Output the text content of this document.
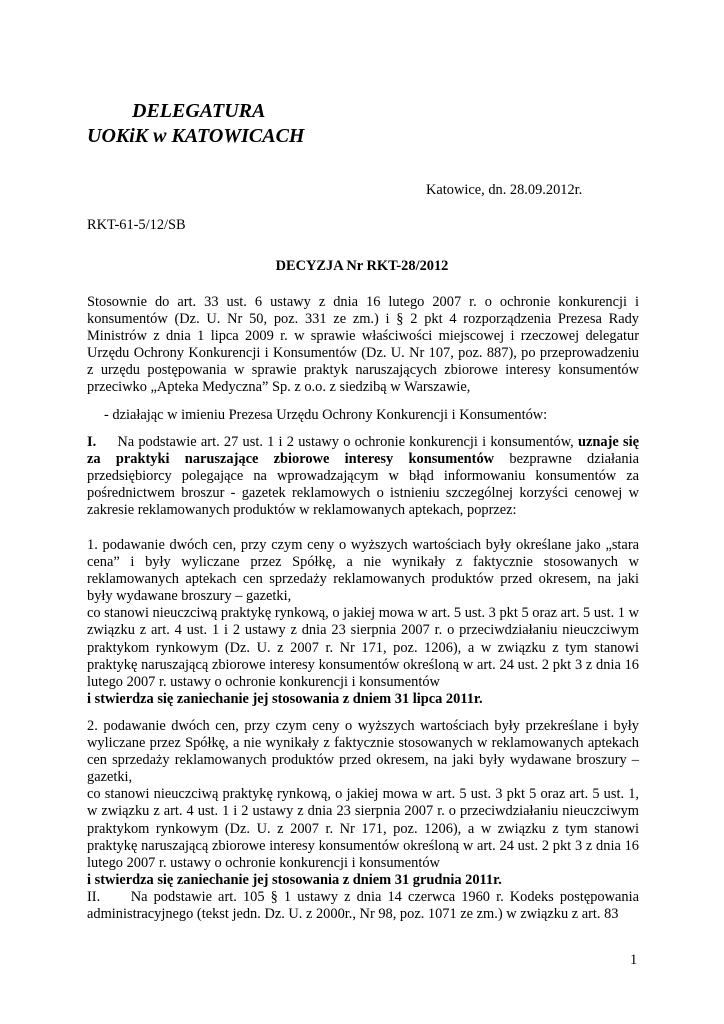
DELEGATURA
UOKiK w KATOWICACH
Katowice, dn. 28.09.2012r.
RKT-61-5/12/SB
DECYZJA Nr RKT-28/2012

Stosownie do art. 33 ust. 6 ustawy z dnia 16 lutego 2007 r. o ochronie konkurencji i konsumentów (Dz. U. Nr 50, poz. 331 ze zm.) i § 2 pkt 4 rozporządzenia Prezesa Rady Ministrów z dnia 1 lipca 2009 r. w sprawie właściwości miejscowej i rzeczowej delegatur Urzędu Ochrony Konkurencji i Konsumentów (Dz. U. Nr 107, poz. 887), po przeprowadzeniu z urzędu postępowania w sprawie praktyk naruszających zbiorowe interesy konsumentów przeciwko „Apteka Medyczna” Sp. z o.o. z siedzibą w Warszawie,

- działając w imieniu Prezesa Urzędu Ochrony Konkurencji i Konsumentów:

I. Na podstawie art. 27 ust. 1 i 2 ustawy o ochronie konkurencji i konsumentów, uznaje się za praktyki naruszające zbiorowe interesy konsumentów bezprawne działania przedsiębiorcy polegające na wprowadzającym w błąd informowaniu konsumentów za pośrednictwem broszur - gazetek reklamowych o istnieniu szczególnej korzyści cenowej w zakresie reklamowanych produktów w reklamowanych aptekach, poprzez:

1. podawanie dwóch cen, przy czym ceny o wyższych wartościach były określane jako „stara cena” i były wyliczane przez Spółkę, a nie wynikały z faktycznie stosowanych w reklamowanych aptekach cen sprzedaży reklamowanych produktów przed okresem, na jaki były wydawane broszury – gazetki,
co stanowi nieuczciwą praktykę rynkową, o jakiej mowa w art. 5 ust. 3 pkt 5 oraz art. 5 ust. 1 w związku z art. 4 ust. 1 i 2 ustawy z dnia 23 sierpnia 2007 r. o przeciwdziałaniu nieuczciwym praktykom rynkowym (Dz. U. z 2007 r. Nr 171, poz. 1206), a w związku z tym stanowi praktykę naruszającą zbiorowe interesy konsumentów określoną w art. 24 ust. 2 pkt 3 z dnia 16 lutego 2007 r. ustawy o ochronie konkurencji i konsumentów
i stwierdza się zaniechanie jej stosowania z dniem 31 lipca 2011r.
2. podawanie dwóch cen, przy czym ceny o wyższych wartościach były przekreślane i były wyliczane przez Spółkę, a nie wynikały z faktycznie stosowanych w reklamowanych aptekach cen sprzedaży reklamowanych produktów przed okresem, na jaki były wydawane broszury – gazetki,
co stanowi nieuczciwą praktykę rynkową, o jakiej mowa w art. 5 ust. 3 pkt 5 oraz art. 5 ust. 1, w związku z art. 4 ust. 1 i 2 ustawy z dnia 23 sierpnia 2007 r. o przeciwdziałaniu nieuczciwym praktykom rynkowym (Dz. U. z 2007 r. Nr 171, poz. 1206), a w związku z tym stanowi praktykę naruszającą zbiorowe interesy konsumentów określoną w art. 24 ust. 2 pkt 3 z dnia 16 lutego 2007 r. ustawy o ochronie konkurencji i konsumentów
i stwierdza się zaniechanie jej stosowania z dniem 31 grudnia 2011r.
II. Na podstawie art. 105 § 1 ustawy z dnia 14 czerwca 1960 r. Kodeks postępowania administracyjnego (tekst jedn. Dz. U. z 2000r., Nr 98, poz. 1071 ze zm.) w związku z art. 83
1
